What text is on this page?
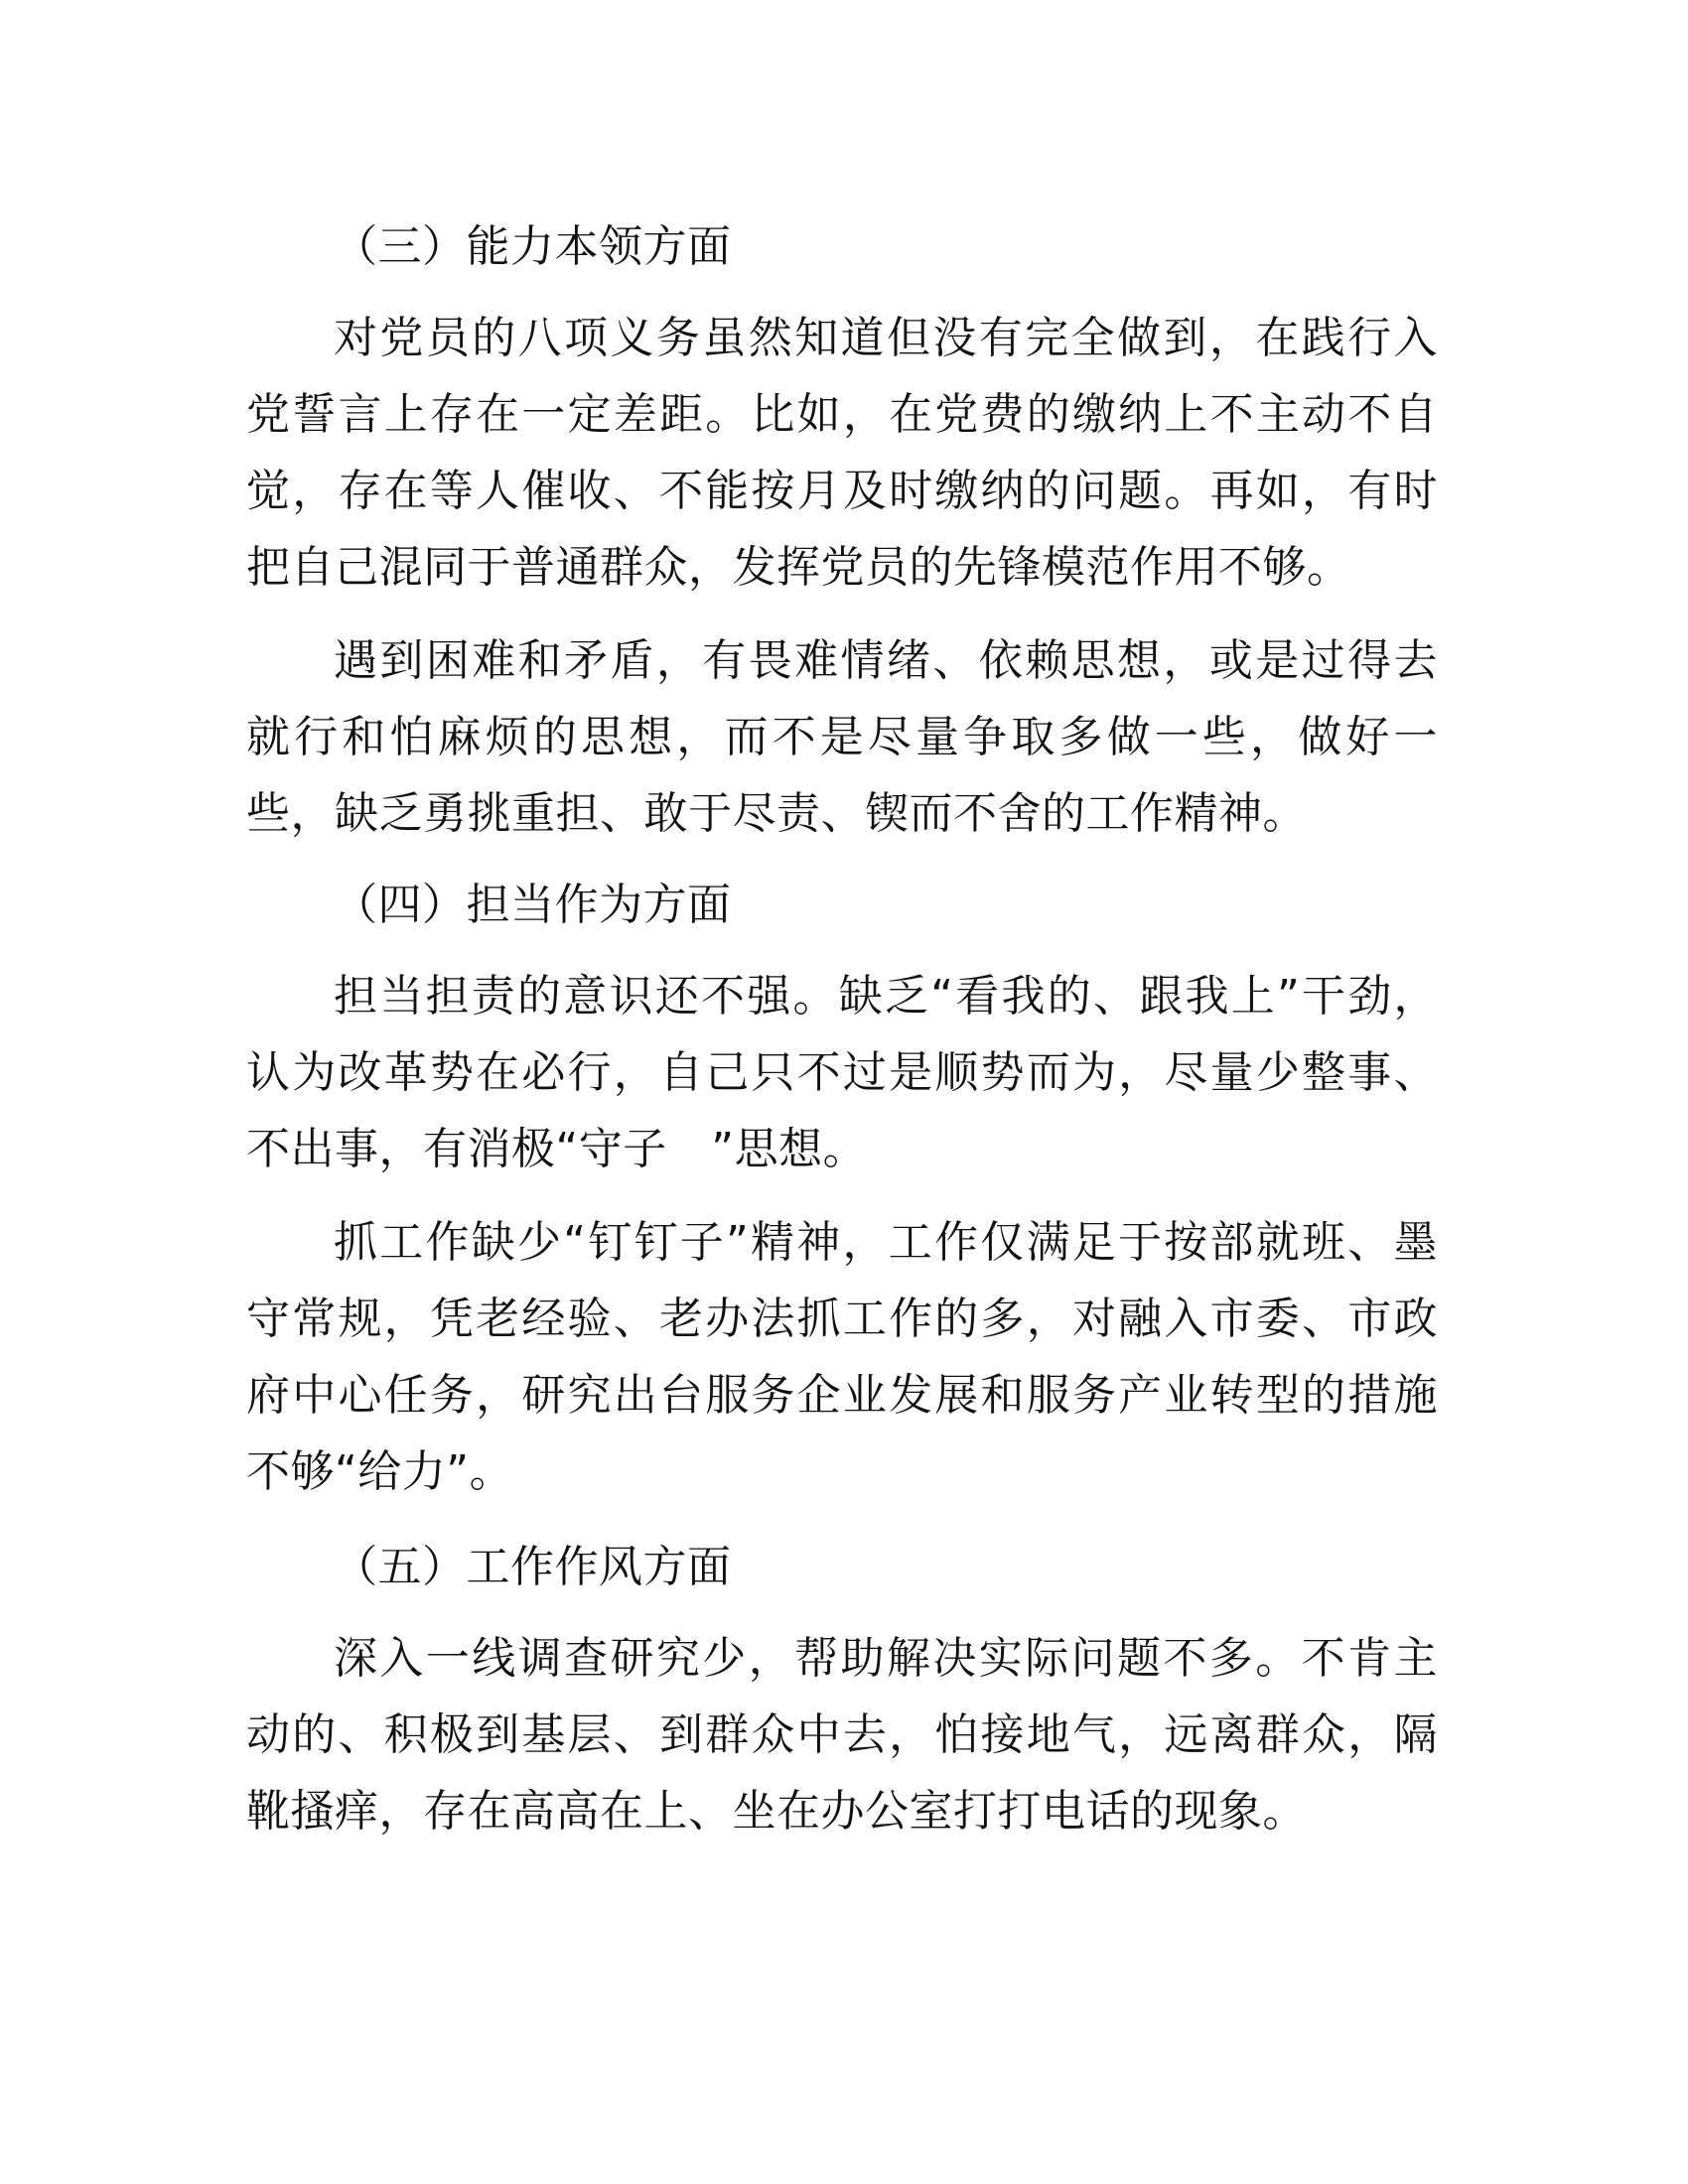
（三）能力本领方面

对党员的八项义务虽然知道但没有完全做到，在践行入党誓言上存在一定差距。比如，在党费的缴纳上不主动不自觉，存在等人催收、不能按月及时缴纳的问题。再如，有时把自己混同于普通群众，发挥党员的先锋模范作用不够。

遇到困难和矛盾，有畏难情绪、依赖思想，或是过得去就行和怕麻烦的思想，而不是尽量争取多做一些，做好一些，缺乏勇挑重担、敢于尽责、锲而不舍的工作精神。

（四）担当作为方面

担当担责的意识还不强。缺乏“看我的、跟我上”干劲，认为改革势在必行，自己只不过是顺势而为，尽量少整事、不出事，有消极“守子　”思想。

抓工作缺少“钉钉子”精神，工作仅满足于按部就班、墨守常规，凭老经验、老办法抓工作的多，对融入市委、市政府中心任务，研究出台服务企业发展和服务产业转型的措施不够“给力”。

（五）工作作风方面

深入一线调查研究少，帮助解决实际问题不多。不肯主动的、积极到基层、到群众中去，怕接地气，远离群众，隔靴搔痒，存在高高在上、坐在办公室打打电话的现象。
